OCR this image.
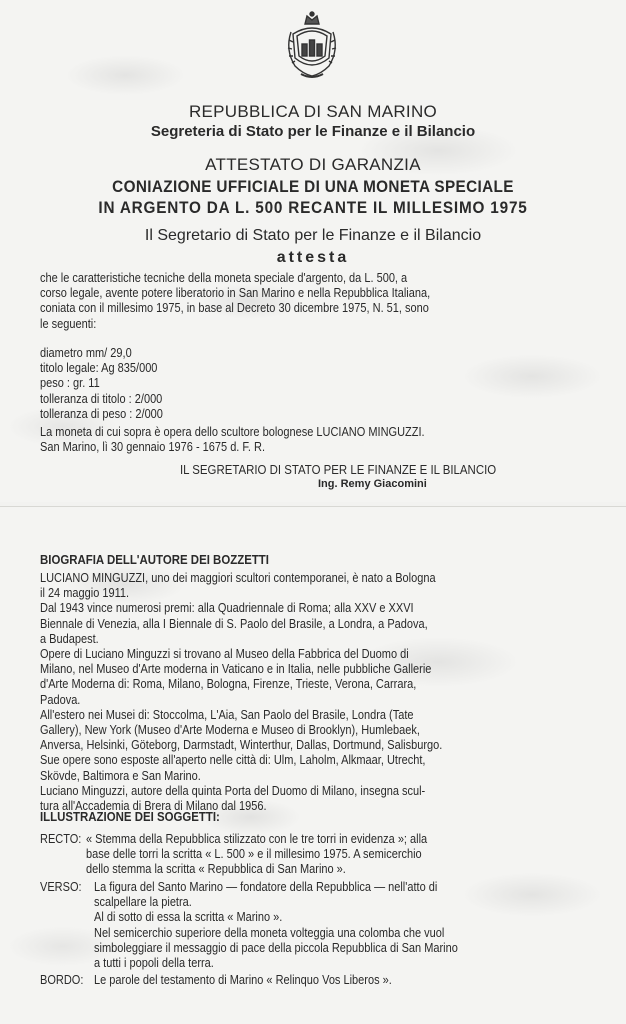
REPUBBLICA DI SAN MARINO
Segreteria di Stato per le Finanze e il Bilancio
ATTESTATO DI GARANZIA
CONIAZIONE UFFICIALE DI UNA MONETA SPECIALE
IN ARGENTO DA L. 500 RECANTE IL MILLESIMO 1975
Il Segretario di Stato per le Finanze e il Bilancio
attesta
che le caratteristiche tecniche della moneta speciale d'argento, da L. 500, a
corso legale, avente potere liberatorio in San Marino e nella Repubblica Italiana,
coniata con il millesimo 1975, in base al Decreto 30 dicembre 1975, N. 51, sono
le seguenti:
diametro mm/ 29,0
titolo legale: Ag 835/000
peso : gr. 11
tolleranza di titolo : 2/000
tolleranza di peso : 2/000
La moneta di cui sopra è opera dello scultore bolognese LUCIANO MINGUZZI.
San Marino, lì 30 gennaio 1976 - 1675 d. F. R.
IL SEGRETARIO DI STATO PER LE FINANZE E IL BILANCIO
Ing. Remy Giacomini
BIOGRAFIA DELL'AUTORE DEI BOZZETTI
LUCIANO MINGUZZI, uno dei maggiori scultori contemporanei, è nato a Bologna
il 24 maggio 1911.
Dal 1943 vince numerosi premi: alla Quadriennale di Roma; alla XXV e XXVI
Biennale di Venezia, alla I Biennale di S. Paolo del Brasile, a Londra, a Padova,
a Budapest.
Opere di Luciano Minguzzi si trovano al Museo della Fabbrica del Duomo di
Milano, nel Museo d'Arte moderna in Vaticano e in Italia, nelle pubbliche Gallerie
d'Arte Moderna di: Roma, Milano, Bologna, Firenze, Trieste, Verona, Carrara,
Padova.
All'estero nei Musei di: Stoccolma, L'Aia, San Paolo del Brasile, Londra (Tate
Gallery), New York (Museo d'Arte Moderna e Museo di Brooklyn), Humlebaek,
Anversa, Helsinki, Göteborg, Darmstadt, Winterthur, Dallas, Dortmund, Salisburgo.
Sue opere sono esposte all'aperto nelle città di: Ulm, Laholm, Alkmaar, Utrecht,
Skövde, Baltimora e San Marino.
Luciano Minguzzi, autore della quinta Porta del Duomo di Milano, insegna scul-
tura all'Accademia di Brera di Milano dal 1956.
ILLUSTRAZIONE DEI SOGGETTI:
RECTO: « Stemma della Repubblica stilizzato con le tre torri in evidenza »; alla
base delle torri la scritta « L. 500 » e il millesimo 1975. A semicerchio
dello stemma la scritta « Repubblica di San Marino ».
VERSO: La figura del Santo Marino — fondatore della Repubblica — nell'atto di
scalpellare la pietra.
Al di sotto di essa la scritta « Marino ».
Nel semicerchio superiore della moneta volteggia una colomba che vuol
simboleggiare il messaggio di pace della piccola Repubblica di San Marino
a tutti i popoli della terra.
BORDO: Le parole del testamento di Marino « Relinquo Vos Liberos ».
